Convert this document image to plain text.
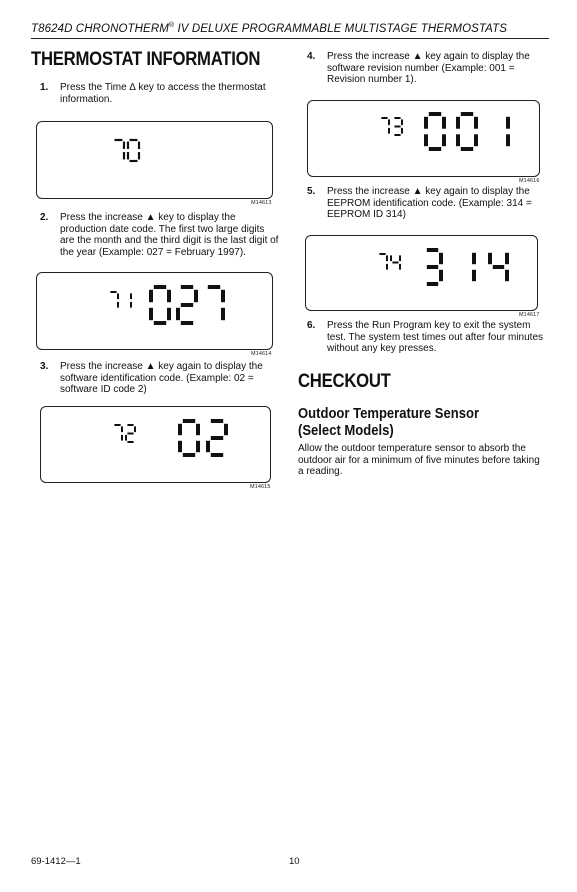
T8624D CHRONOTHERM® IV DELUXE PROGRAMMABLE MULTISTAGE THERMOSTATS
THERMOSTAT INFORMATION
1. Press the Time ∆ key to access the thermostat information.
M14613
2. Press the increase ▲ key to display the production date code. The first two large digits are the month and the third digit is the last digit of the year (Example: 027 = February 1997).
M14614
3. Press the increase ▲ key again to display the software identification code. (Example: 02 = software ID code 2)
M14615
4. Press the increase ▲ key again to display the software revision number (Example: 001 = Revision number 1).
M14616
5. Press the increase ▲ key again to display the EEPROM identification code. (Example: 314 = EEPROM ID 314)
M14617
6. Press the Run Program key to exit the system test. The system test times out after four minutes without any key presses.
CHECKOUT
Outdoor Temperature Sensor
(Select Models)
Allow the outdoor temperature sensor to absorb the outdoor air for a minimum of five minutes before taking a reading.
69-1412—1	10
